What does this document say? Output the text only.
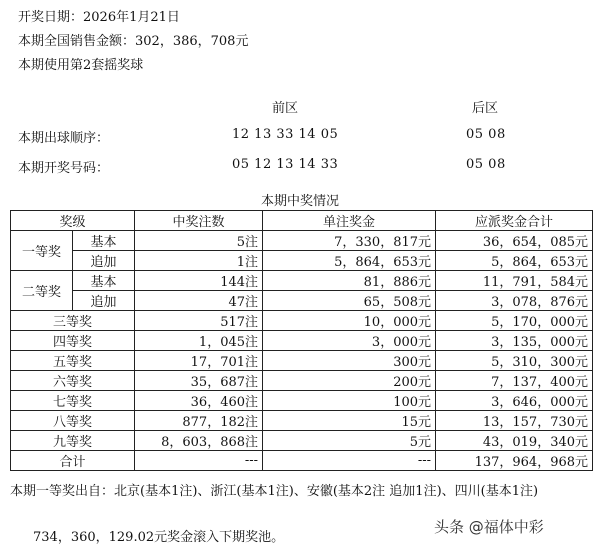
开奖日期：2026年1月21日
本期全国销售金额：302，386，708元
本期使用第2套摇奖球
前区	后区
本期出球顺序：	12 13 33 14 05	05 08
本期开奖号码：	05 12 13 14 33	05 08
本期中奖情况
奖级		中奖注数	单注奖金	应派奖金合计
一等奖	基本	5注	7，330，817元	36，654，085元
	追加	1注	5，864，653元	5，864，653元
二等奖	基本	144注	81，886元	11，791，584元
	追加	47注	65，508元	3，078，876元
三等奖		517注	10，000元	5，170，000元
四等奖		1，045注	3，000元	3，135，000元
五等奖		17，701注	300元	5，310，300元
六等奖		35，687注	200元	7，137，400元
七等奖		36，460注	100元	3，646，000元
八等奖		877，182注	15元	13，157，730元
九等奖		8，603，868注	5元	43，019，340元
合计		---	---	137，964，968元
本期一等奖出自：北京(基本1注)、浙江(基本1注)、安徽(基本2注 追加1注)、四川(基本1注)
734，360，129.02元奖金滚入下期奖池。
头条 @福体中彩
